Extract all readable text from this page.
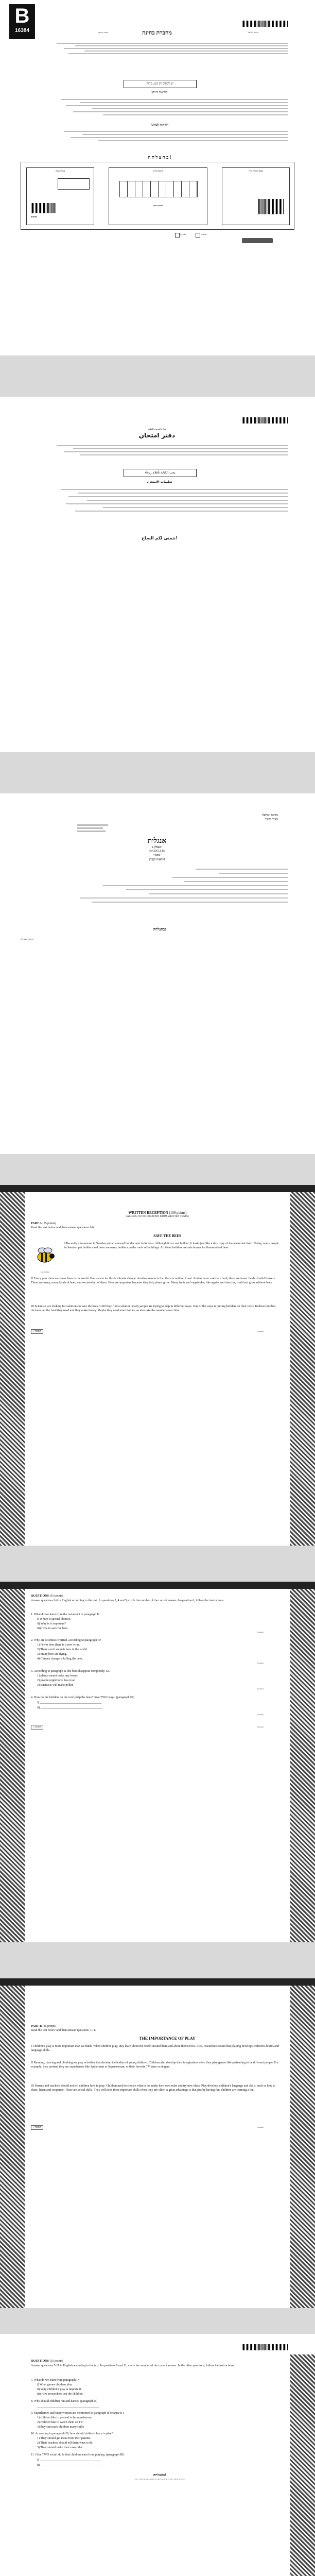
B
16384	מדינת ישראל
מחברת בחינה
משרד החינוך
יש לכתוב רק בעט כחול
הוראות לנבחן
הוראות לבחינה
ב ה צ ל ח ה !
מדבקת נבחן
016384
מדבקת בחינה
מדבקת נבחן
מספר תעודת זהות
לבדיקה	למשגיח
وزارة التربية والتعليم
دفتر امتحان
يجب الكتابة بأقلام زرقاء
تعليمات الامتحان
نتمنى لكم النجاح!
מדינת ישראל
משרד החינוך
אנגלית
שאלון ב'
(MODULE B)
טופס ד'
הוראות לנבחן
בהצלחה!
ההמשך בעמוד 2
WRITTEN RECEPTION (100 points)
(ACCESS TO INFORMATION FROM WRITTEN TEXTS)
PART A (35 points)
Read the text below and then answer questions 1-6.
SAVE THE BEES
Save the Bees!
I Recently a restaurant in Sweden put an unusual builder next to its door. Although it is a real builder, it looks just like a tiny copy of the restaurant itself. Today, many people in Sweden put builders and there are many builders on the roofs of buildings. All these builders are safe homes for thousands of bees.
II Every year there are fewer bees in the world. One reason for this is climate change. Another reason is that there is nothing to eat. And as more roads are built, there are fewer fields of wild flowers. There are many, many kinds of bees, and we need all of them. Bees are important because they help plants grow. Many fruits and vegetables, like apples and cherries, could not grow without bees.
III Scientists are looking for solutions to save the bees. Until they find a solution, many people are trying to help in different ways. One of the ways is putting builders on their roofs. In these builders, the bees get the food they need and they make honey. Maybe they need more homes, so also take the numbers over time.
/ המשך	(3 points)
QUESTIONS (35 points)
Answer questions 1-6 in English according to the text. In questions 2, 4 and 5, circle the number of the correct answer. In question 6, follow the instructions.
1. What do we learn from the restaurant in paragraph I?
i) Where is special about it.
ii) Why is it important?
iii) How to save the bees.
(5 points)
2. Why are scientists worried, according to paragraph II?
1) Fewer bees there is a new virus.
2) There aren't enough bees in the world.
3) Many bees are dying.
4) Climate change is killing the bees.
(3 points)
3. According to paragraph II, the bees disappear completely, i.e.
1) plants cannot make any honey
2) people might have less food
3) scientists will make pollen
(4 points)
4. How do the builders on the roofs help the bees? Give TWO ways. (paragraph III)
i) ________________________________________
ii) ________________________________________
(4 points)
/ המשך	(6 points)
PART B (35 points)
Read the text below and then answer questions 7-11.
THE IMPORTANCE OF PLAY
I Children's play is more important than we think. When children play, they learn about the world around them and about themselves. Also, researchers found that playing develops children's brains and language skills.
II Running, dancing and climbing are play activities that develop the bodies of young children. Children also develop their imagination when they play games like pretending to be different people. For example, they pretend they are superheroes like Spiderman or Superwoman, or their favorite TV stars or singers.
III Parents and teachers should not tell children how to play. Children need to choose what to do, make their own rules and try new ideas. Play develops children's language and skills, such as how to share, listen and cooperate. These are social skills. They will need these important skills when they are older. A great advantage is that just by having fun, children are learning a lot.
/ המשך	(5 points)
QUESTIONS (35 points)
Answer questions 7-11 in English according to the text. In questions 8 and 11, circle the number of the correct answer. In the other questions, follow the instructions.
7. What do we learn from paragraph I?
i) What games children play.
ii) Why children's play is important.
iii) How researchers test the children.
8. Why should children run and dance? (paragraph II)
________________________________________
9. Superheroes and Superwoman are mentioned in paragraph II because it s
1) children like to pretend to be superheroes
2) children like to watch them on TV
3) they can teach children many skills
10. According to paragraph III, how should children learn to play?
1) They should get ideas from their parents.
2) Their teachers should tell them what to do.
3) They should make their own rules.
11. Give TWO social skills that children learn from playing. (paragraph III)
i) ________________________________________
ii) ________________________________________
בהצלחה!
זכות היוצרים שמורה למדינת ישראל. אין להעתיק או לפרסם אלא ברשות משרד החינוך
